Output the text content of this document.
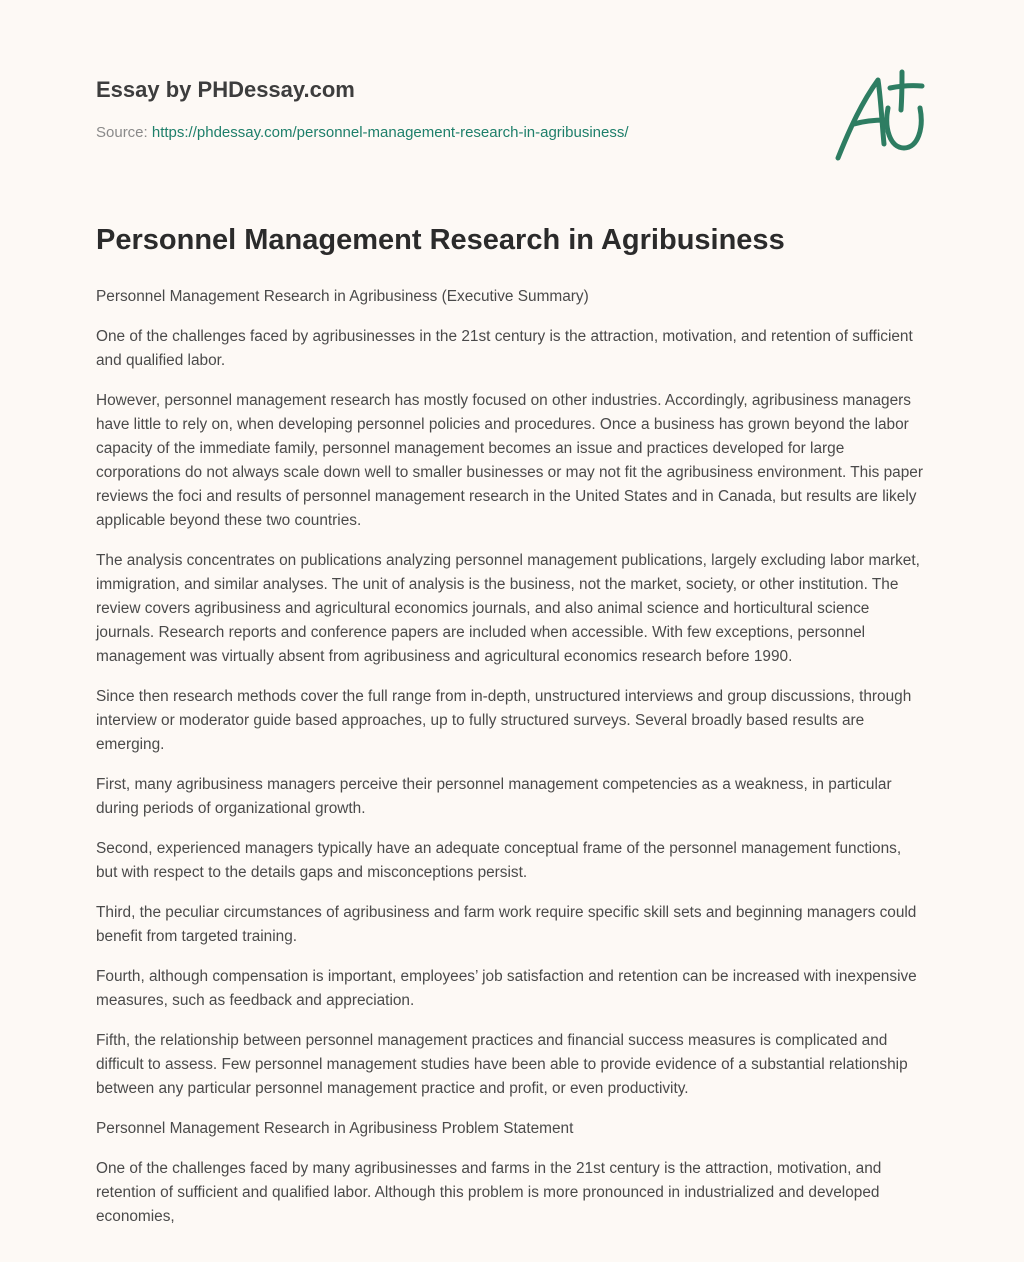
Essay by PHDessay.com
Source: https://phdessay.com/personnel-management-research-in-agribusiness/
Personnel Management Research in Agribusiness

Personnel Management Research in Agribusiness (Executive Summary)

One of the challenges faced by agribusinesses in the 21st century is the attraction, motivation, and retention of sufficient and qualified labor.

However, personnel management research has mostly focused on other industries. Accordingly, agribusiness managers have little to rely on, when developing personnel policies and procedures. Once a business has grown beyond the labor capacity of the immediate family, personnel management becomes an issue and practices developed for large corporations do not always scale down well to smaller businesses or may not fit the agribusiness environment. This paper reviews the foci and results of personnel management research in the United States and in Canada, but results are likely applicable beyond these two countries.

The analysis concentrates on publications analyzing personnel management publications, largely excluding labor market, immigration, and similar analyses. The unit of analysis is the business, not the market, society, or other institution. The review covers agribusiness and agricultural economics journals, and also animal science and horticultural science journals. Research reports and conference papers are included when accessible. With few exceptions, personnel management was virtually absent from agribusiness and agricultural economics research before 1990.

Since then research methods cover the full range from in-depth, unstructured interviews and group discussions, through interview or moderator guide based approaches, up to fully structured surveys. Several broadly based results are emerging.

First, many agribusiness managers perceive their personnel management competencies as a weakness, in particular during periods of organizational growth.

Second, experienced managers typically have an adequate conceptual frame of the personnel management functions, but with respect to the details gaps and misconceptions persist.

Third, the peculiar circumstances of agribusiness and farm work require specific skill sets and beginning managers could benefit from targeted training.

Fourth, although compensation is important, employees’ job satisfaction and retention can be increased with inexpensive measures, such as feedback and appreciation.

Fifth, the relationship between personnel management practices and financial success measures is complicated and difficult to assess. Few personnel management studies have been able to provide evidence of a substantial relationship between any particular personnel management practice and profit, or even productivity.

Personnel Management Research in Agribusiness Problem Statement

One of the challenges faced by many agribusinesses and farms in the 21st century is the attraction, motivation, and retention of sufficient and qualified labor. Although this problem is more pronounced in industrialized and developed economies,
